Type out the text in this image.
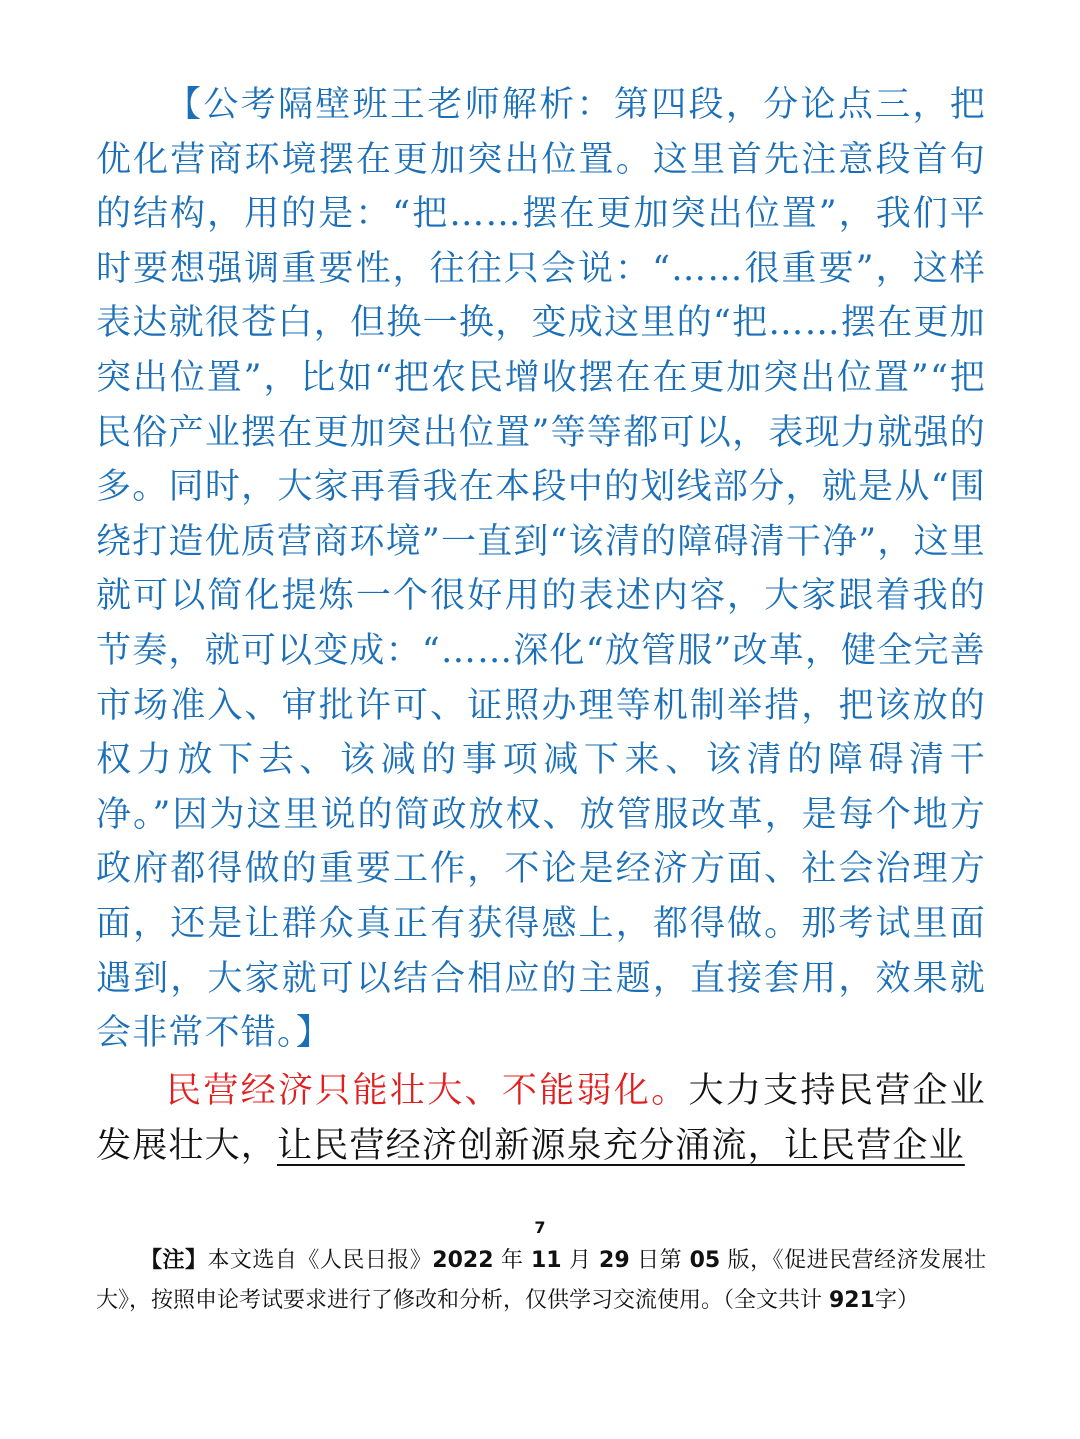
【公考隔壁班王老师解析：第四段，分论点三，把优化营商环境摆在更加突出位置。这里首先注意段首句的结构，用的是：“把……摆在更加突出位置”，我们平时要想强调重要性，往往只会说：“……很重要”，这样表达就很苍白，但换一换，变成这里的“把……摆在更加突出位置”，比如“把农民增收摆在在更加突出位置”“把民俗产业摆在更加突出位置”等等都可以，表现力就强的多。同时，大家再看我在本段中的划线部分，就是从“围绕打造优质营商环境”一直到“该清的障碍清干净”，这里就可以简化提炼一个很好用的表述内容，大家跟着我的节奏，就可以变成：“……深化“放管服”改革，健全完善市场准入、审批许可、证照办理等机制举措，把该放的权力放下去、该减的事项减下来、该清的障碍清干净。”因为这里说的简政放权、放管服改革，是每个地方政府都得做的重要工作，不论是经济方面、社会治理方面，还是让群众真正有获得感上，都得做。那考试里面遇到，大家就可以结合相应的主题，直接套用，效果就会非常不错。】

民营经济只能壮大、不能弱化。大力支持民营企业发展壮大，让民营经济创新源泉充分涌流，让民营企业

7

【注】本文选自《人民日报》2022 年 11 月 29 日第 05 版，《促进民营经济发展壮大》，按照申论考试要求进行了修改和分析，仅供学习交流使用。（全文共计 921字）
